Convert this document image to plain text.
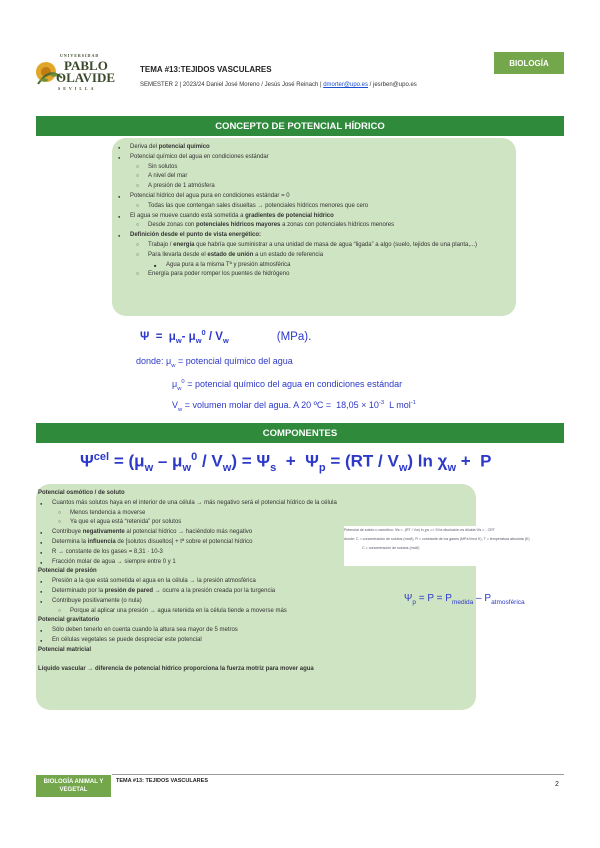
UNIVERSIDAD
PABLO
OLAVIDE
SEVILLA
TEMA #13:TEJIDOS VASCULARES
SEMESTER 2 | 2023/24 Daniel José Moreno / Jesús José Reinach | dmorter@upo.es / jesrben@upo.es
BIOLOGÍA
CONCEPTO DE POTENCIAL HÍDRICO
● Deriva del potencial químico
● Potencial químico del agua en condiciones estándar
○ Sin solutos
○ A nivel del mar
○ A presión de 1 atmósfera
● Potencial hídrico del agua pura en condiciones estándar = 0
○ Todas las que contengan sales disueltas → potenciales hídricos menores que cero
● El agua se mueve cuando está sometida a gradientes de potencial hídrico
○ Desde zonas con potenciales hídricos mayores a zonas con potenciales hídricos menores
● Definición desde el punto de vista energético:
○ Trabajo / energía que habría que suministrar a una unidad de masa de agua “ligada” a algo (suelo, tejidos de una planta,...)
○ Para llevarla desde el estado de unión a un estado de referencia
■ Agua pura a la misma Tª y presión atmosférica
○ Energía para poder romper los puentes de hidrógeno
$\Psi = \mu_w-$ $\mu_w^0 / V_w$	(MPa).
donde: $\mu_w$ = potencial químico del agua
$\mu_w^0$ = potencial químico del agua en condiciones estándar
$V_w$ = volumen molar del agua. A 20 ºC =  $18,05 \times 10^{-3}$  L mol$^{-1}$
COMPONENTES
$\Psi^{cel} = (\mu_w - \mu_w^0 / V_w) = \Psi_s + \Psi_p = (RT / V_w)$ $\ln \chi_w + P$
Potencial osmótico / de soluto
● Cuantos más solutos haya en el interior de una célula → más negativo será el potencial hídrico de la célula
○ Menos tendencia a moverse
○ Ya que el agua está “retenida” por solutos
● Contribuye negativamente al potencial hídrico → haciéndolo más negativo
● Determina la influencia de [solutos disueltos] + tª sobre el potencial hídrico
● R → constante de los gases = 8,31 · 10-3
● Fracción molar de agua → siempre entre 0 y 1
Potencial de presión
● Presión a la que está sometida el agua en la célula → la presión atmosférica
● Determinado por la presión de pared → ocurre a la presión creada por la turgencia
● Contribuye positivamente (o nula)
○ Porque al aplicar una presión → agua retenida en la célula tiende a moverse más
Potencial gravitatorio
● Sólo deben tenerlo en cuenta cuando la altura sea mayor de 5 metros
● En células vegetales se puede despreciar este potencial
Potencial matricial

Líquido vascular → diferencia de potencial hídrico proporciona la fuerza motriz para mover agua
Potencial de soluto u osmótico: Ψs = -(RT / Vw) ln χw => Si la disolución es diluida Ψs = - CRT
donde: C = concentración de solutos (mol/l), R = constante de los gases (MPa l/mol K), T = temperatura absoluta (K)
C = concentración de solutos (mol/l)
$\Psi_p = P = P_{medida} - P_{atmosférica}$
BIOLOGÍA ANIMAL Y
VEGETAL
TEMA #13: TEJIDOS VASCULARES	2
